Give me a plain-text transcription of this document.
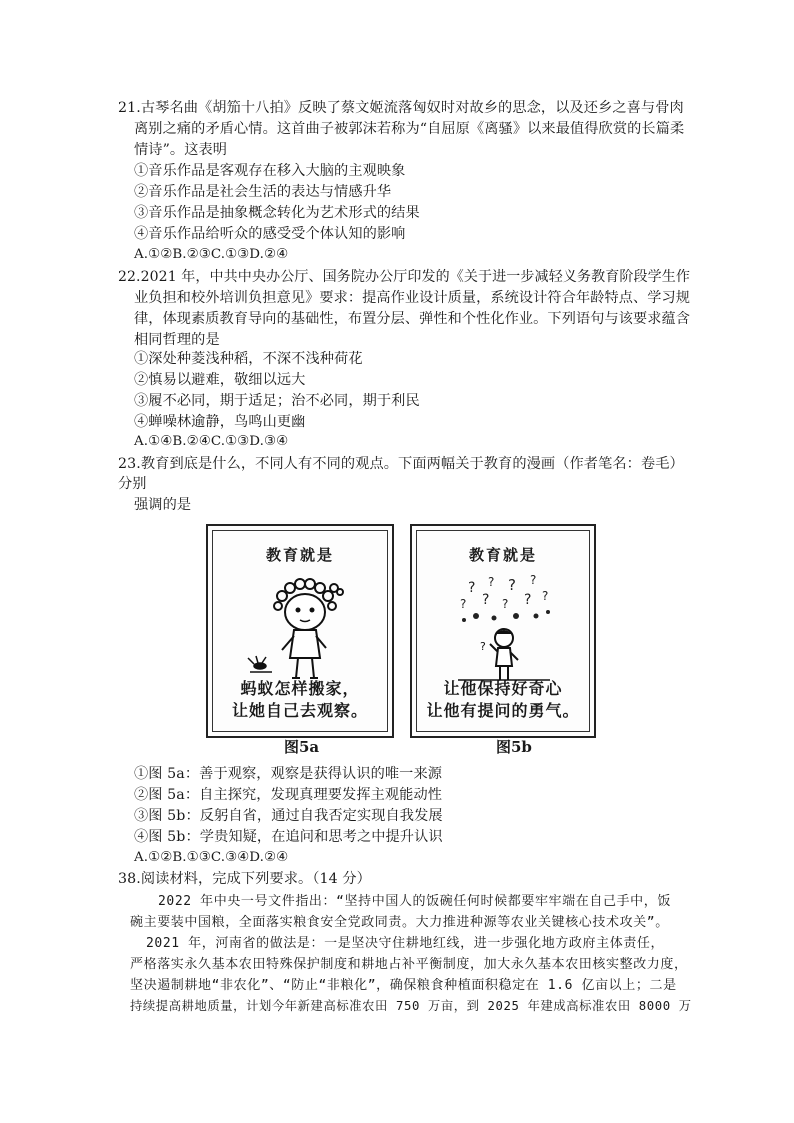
21.古琴名曲《胡笳十八拍》反映了蔡文姬流落匈奴时对故乡的思念，以及还乡之喜与骨肉
离别之痛的矛盾心情。这首曲子被郭沫若称为“自屈原《离骚》以来最值得欣赏的长篇柔
情诗”。这表明
①音乐作品是客观存在移入大脑的主观映象
②音乐作品是社会生活的表达与情感升华
③音乐作品是抽象概念转化为艺术形式的结果
④音乐作品给听众的感受受个体认知的影响
A.①②B.②③C.①③D.②④
22.2021 年，中共中央办公厅、国务院办公厅印发的《关于进一步减轻义务教育阶段学生作
业负担和校外培训负担意见》要求：提高作业设计质量，系统设计符合年龄特点、学习规
律，体现素质教育导向的基础性，布置分层、弹性和个性化作业。下列语句与该要求蕴含
相同哲理的是
①深处种菱浅种稻，不深不浅种荷花
②慎易以避难，敬细以远大
③履不必同，期于适足；治不必同，期于利民
④蝉噪林逾静，鸟鸣山更幽
A.①④B.②④C.①③D.③④
23.教育到底是什么，不同人有不同的观点。下面两幅关于教育的漫画（作者笔名：卷毛）
分别
强调的是
教育就是
蚂蚁怎样搬家，
让她自己去观察。
图5a
教育就是
? ? ? ?
? ? ? ? ?
?
让他保持好奇心
让他有提问的勇气。
图5b
①图 5a：善于观察，观察是获得认识的唯一来源
②图 5a：自主探究，发现真理要发挥主观能动性
③图 5b：反躬自省，通过自我否定实现自我发展
④图 5b：学贵知疑，在追问和思考之中提升认识
A.①②B.①③C.③④D.②④
38.阅读材料，完成下列要求。（14 分）
2022 年中央一号文件指出：“坚持中国人的饭碗任何时候都要牢牢端在自己手中，饭
碗主要装中国粮，全面落实粮食安全党政同责。大力推进种源等农业关键核心技术攻关”。
2021 年，河南省的做法是：一是坚决守住耕地红线，进一步强化地方政府主体责任，
严格落实永久基本农田特殊保护制度和耕地占补平衡制度，加大永久基本农田核实整改力度，
坚决遏制耕地“非农化”、“防止“非粮化”，确保粮食种植面积稳定在 1.6 亿亩以上；二是
持续提高耕地质量，计划今年新建高标准农田 750 万亩，到 2025 年建成高标准农田 8000 万
